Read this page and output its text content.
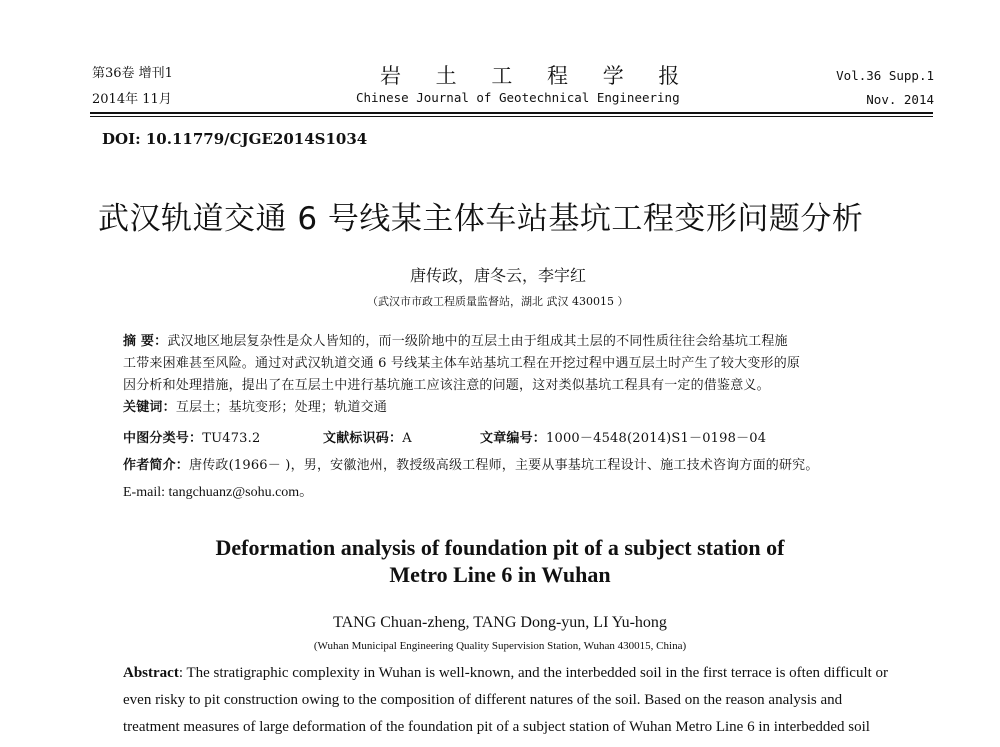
第36卷 增刊1
2014年 11月
岩 土 工 程 学 报
Chinese Journal of Geotechnical Engineering
Vol.36 Supp.1
Nov. 2014
DOI: 10.11779/CJGE2014S1034
武汉轨道交通 6 号线某主体车站基坑工程变形问题分析
唐传政，唐冬云，李宇红
（武汉市市政工程质量监督站，湖北 武汉 430015 ）
摘 要：武汉地区地层复杂性是众人皆知的，而一级阶地中的互层土由于组成其土层的不同性质往往会给基坑工程施
工带来困难甚至风险。通过对武汉轨道交通 6 号线某主体车站基坑工程在开挖过程中遇互层土时产生了较大变形的原
因分析和处理措施，提出了在互层土中进行基坑施工应该注意的问题，这对类似基坑工程具有一定的借鉴意义。
关键词：互层土；基坑变形；处理；轨道交通
中图分类号：TU473.2	文献标识码：A	文章编号：1000－4548(2014)S1－0198－04
作者简介：唐传政(1966－ )，男，安徽池州，教授级高级工程师，主要从事基坑工程设计、施工技术咨询方面的研究。
E-mail: tangchuanz@sohu.com。
Deformation analysis of foundation pit of a subject station of
Metro Line 6 in Wuhan
TANG Chuan-zheng, TANG Dong-yun, LI Yu-hong
(Wuhan Municipal Engineering Quality Supervision Station, Wuhan 430015, China)
Abstract: The stratigraphic complexity in Wuhan is well-known, and the interbedded soil in the first terrace is often difficult or
even risky to pit construction owing to the composition of different natures of the soil. Based on the reason analysis and
treatment measures of large deformation of the foundation pit of a subject station of Wuhan Metro Line 6 in interbedded soil
